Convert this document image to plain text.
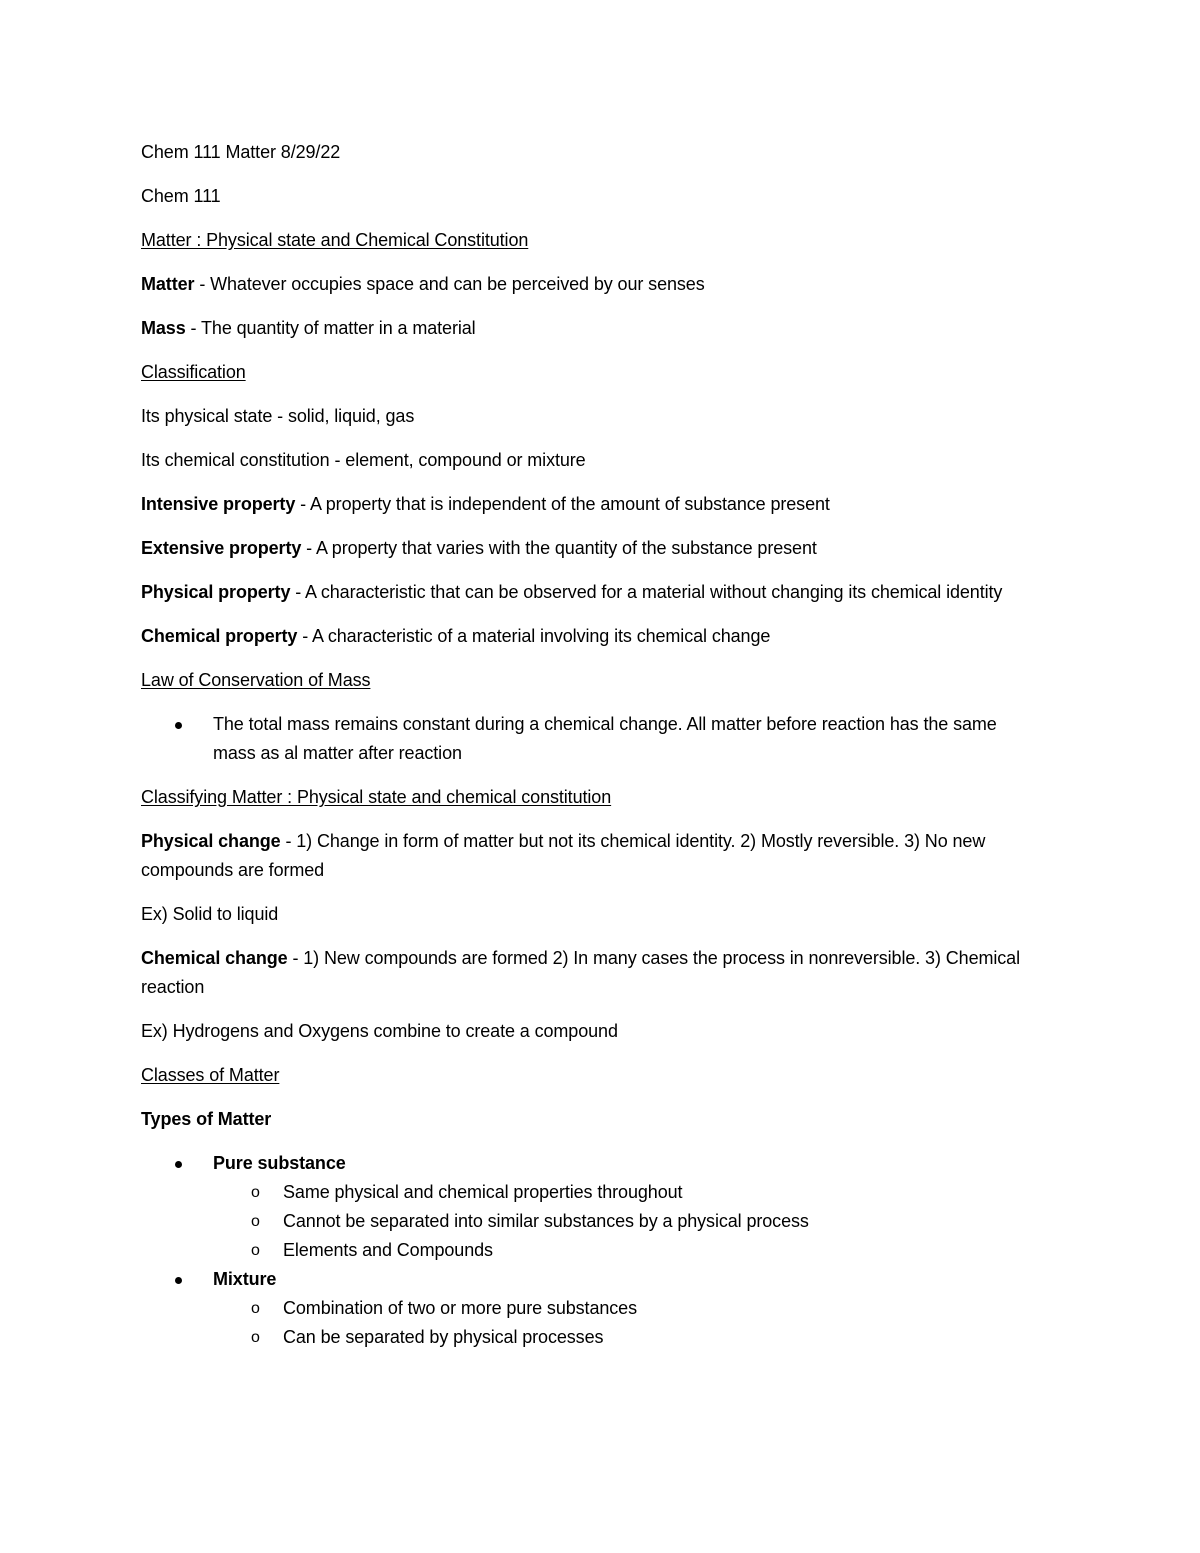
Chem 111 Matter 8/29/22

Chem 111

Matter : Physical state and Chemical Constitution

Matter - Whatever occupies space and can be perceived by our senses

Mass - The quantity of matter in a material

Classification

Its physical state - solid, liquid, gas

Its chemical constitution - element, compound or mixture

Intensive property - A property that is independent of the amount of substance present

Extensive property - A property that varies with the quantity of the substance present

Physical property - A characteristic that can be observed for a material without changing its chemical identity

Chemical property - A characteristic of a material involving its chemical change

Law of Conservation of Mass

The total mass remains constant during a chemical change. All matter before reaction has the same mass as al matter after reaction

Classifying Matter : Physical state and chemical constitution

Physical change - 1) Change in form of matter but not its chemical identity. 2) Mostly reversible. 3) No new compounds are formed

Ex) Solid to liquid

Chemical change - 1) New compounds are formed 2) In many cases the process in nonreversible. 3) Chemical reaction

Ex) Hydrogens and Oxygens combine to create a compound

Classes of Matter

Types of Matter

Pure substance
o Same physical and chemical properties throughout
o Cannot be separated into similar substances by a physical process
o Elements and Compounds
Mixture
o Combination of two or more pure substances
o Can be separated by physical processes
